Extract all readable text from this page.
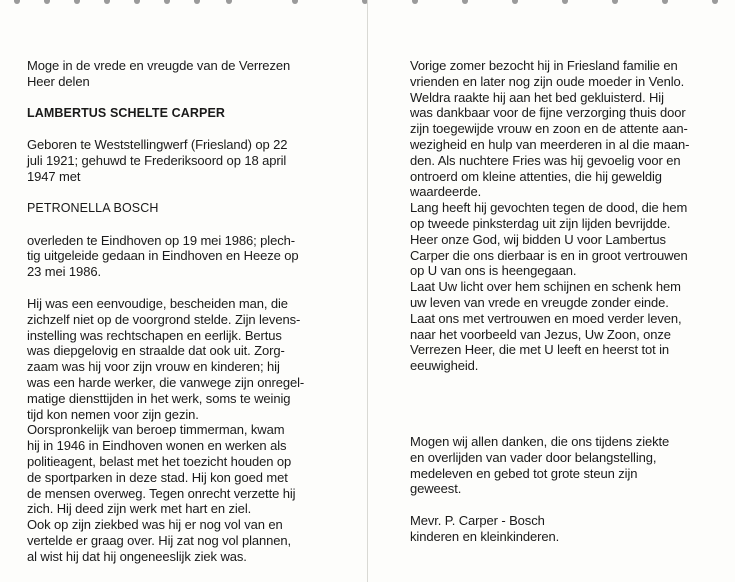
Moge in de vrede en vreugde van de Verrezen
Heer delen

LAMBERTUS SCHELTE CARPER

Geboren te Weststellingwerf (Friesland) op 22
juli 1921; gehuwd te Frederiksoord op 18 april
1947 met

PETRONELLA BOSCH

overleden te Eindhoven op 19 mei 1986; plech-
tig uitgeleide gedaan in Eindhoven en Heeze op
23 mei 1986.

Hij was een eenvoudige, bescheiden man, die
zichzelf niet op de voorgrond stelde. Zijn levens-
instelling was rechtschapen en eerlijk. Bertus
was diepgelovig en straalde dat ook uit. Zorg-
zaam was hij voor zijn vrouw en kinderen; hij
was een harde werker, die vanwege zijn onregel-
matige diensttijden in het werk, soms te weinig
tijd kon nemen voor zijn gezin.

Oorspronkelijk van beroep timmerman, kwam
hij in 1946 in Eindhoven wonen en werken als
politieagent, belast met het toezicht houden op
de sportparken in deze stad. Hij kon goed met
de mensen overweg. Tegen onrecht verzette hij
zich. Hij deed zijn werk met hart en ziel.

Ook op zijn ziekbed was hij er nog vol van en
vertelde er graag over. Hij zat nog vol plannen,
al wist hij dat hij ongeneeslijk ziek was.

Vorige zomer bezocht hij in Friesland familie en
vrienden en later nog zijn oude moeder in Venlo.
Weldra raakte hij aan het bed gekluisterd. Hij
was dankbaar voor de fijne verzorging thuis door
zijn toegewijde vrouw en zoon en de attente aan-
wezigheid en hulp van meerderen in al die maan-
den. Als nuchtere Fries was hij gevoelig voor en
ontroerd om kleine attenties, die hij geweldig
waardeerde.

Lang heeft hij gevochten tegen de dood, die hem
op tweede pinksterdag uit zijn lijden bevrijdde.
Heer onze God, wij bidden U voor Lambertus
Carper die ons dierbaar is en in groot vertrouwen
op U van ons is heengegaan.

Laat Uw licht over hem schijnen en schenk hem
uw leven van vrede en vreugde zonder einde.

Laat ons met vertrouwen en moed verder leven,
naar het voorbeeld van Jezus, Uw Zoon, onze
Verrezen Heer, die met U leeft en heerst tot in
eeuwigheid.

Mogen wij allen danken, die ons tijdens ziekte
en overlijden van vader door belangstelling,
medeleven en gebed tot grote steun zijn
geweest.

Mevr. P. Carper - Bosch

kinderen en kleinkinderen.
